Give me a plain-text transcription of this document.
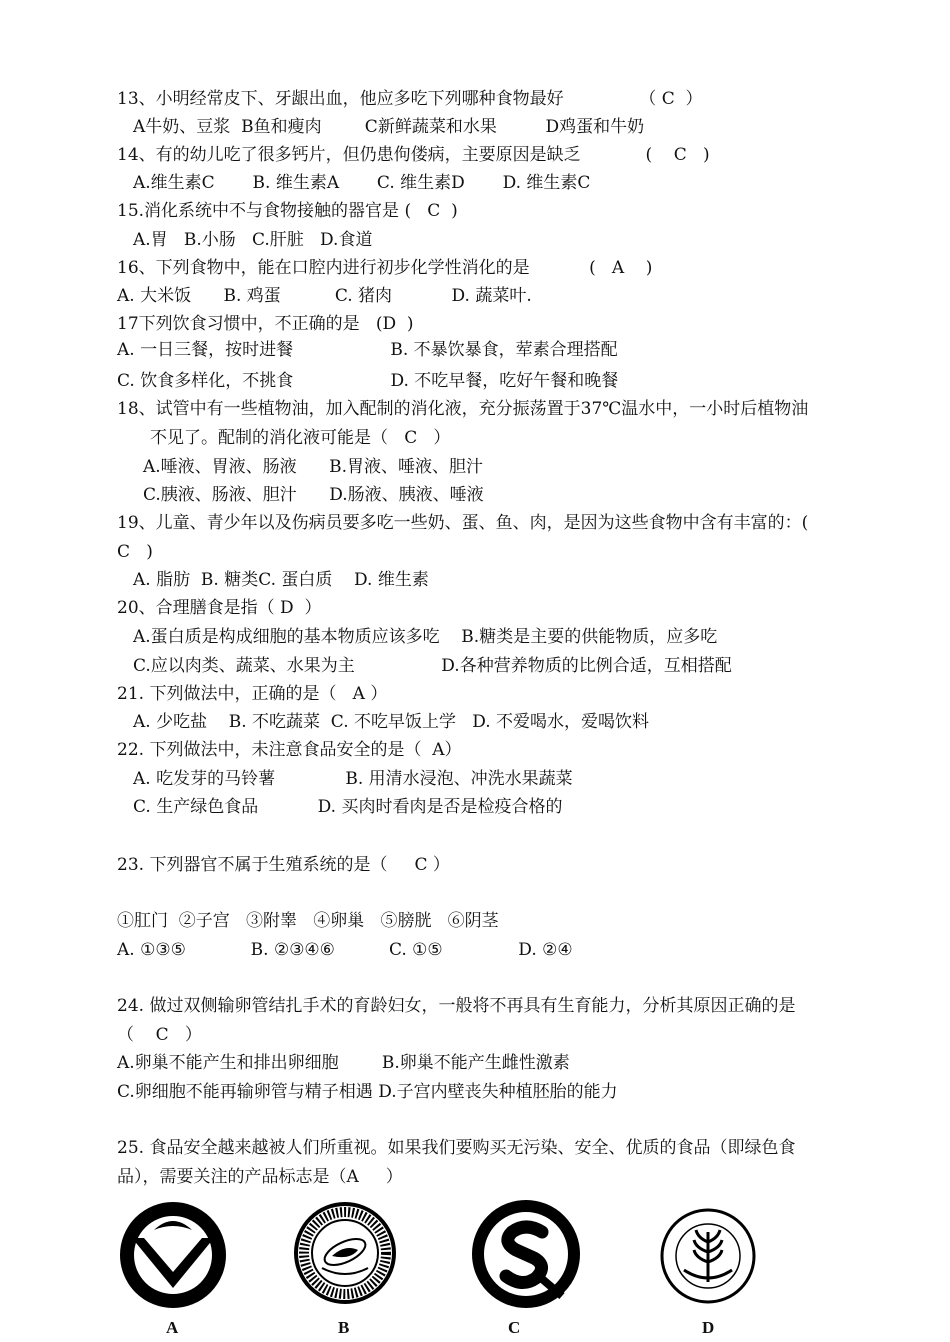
13、小明经常皮下、牙龈出血，他应多吃下列哪种食物最好              （ C  ）
A牛奶、豆浆  B鱼和瘦肉        C新鲜蔬菜和水果         D鸡蛋和牛奶
14、有的幼儿吃了很多钙片，但仍患佝偻病，主要原因是缺乏            (    C   )
A.维生素C       B. 维生素A       C. 维生素D       D. 维生素C
15.消化系统中不与食物接触的器官是 (   C  )
A.胃   B.小肠   C.肝脏   D.食道
16、下列食物中，能在口腔内进行初步化学性消化的是           (   A    )
A. 大米饭      B. 鸡蛋          C. 猪肉           D. 蔬菜叶.
17下列饮食习惯中，不正确的是   (D  )
A. 一日三餐，按时进餐                  B. 不暴饮暴食，荤素合理搭配
C. 饮食多样化，不挑食                  D. 不吃早餐，吃好午餐和晚餐
18、试管中有一些植物油，加入配制的消化液，充分振荡置于37℃温水中，一小时后植物油
不见了。配制的消化液可能是（   C   ）
A.唾液、胃液、肠液      B.胃液、唾液、胆汁
C.胰液、肠液、胆汁      D.肠液、胰液、唾液
19、儿童、青少年以及伤病员要多吃一些奶、蛋、鱼、肉，是因为这些食物中含有丰富的：(
C   )
A. 脂肪  B. 糖类C. 蛋白质    D. 维生素
20、合理膳食是指（ D  ）
A.蛋白质是构成细胞的基本物质应该多吃    B.糖类是主要的供能物质，应多吃
C.应以肉类、蔬菜、水果为主                D.各种营养物质的比例合适，互相搭配
21. 下列做法中，正确的是（   A ）
A. 少吃盐    B. 不吃蔬菜  C. 不吃早饭上学   D. 不爱喝水，爱喝饮料
22. 下列做法中，未注意食品安全的是（  A）
A. 吃发芽的马铃薯             B. 用清水浸泡、冲洗水果蔬菜
C. 生产绿色食品           D. 买肉时看肉是否是检疫合格的
23. 下列器官不属于生殖系统的是（     C ）
①肛门  ②子宫   ③附睾   ④卵巢   ⑤膀胱   ⑥阴茎
A. ①③⑤            B. ②③④⑥          C. ①⑤              D. ②④
24. 做过双侧输卵管结扎手术的育龄妇女，一般将不再具有生育能力，分析其原因正确的是
（    C   ）
A.卵巢不能产生和排出卵细胞        B.卵巢不能产生雌性激素
C.卵细胞不能再输卵管与精子相遇 D.子宫内壁丧失种植胚胎的能力
25. 食品安全越来越被人们所重视。如果我们要购买无污染、安全、优质的食品（即绿色食
品），需要关注的产品标志是（A     ）
A	B	C	D
